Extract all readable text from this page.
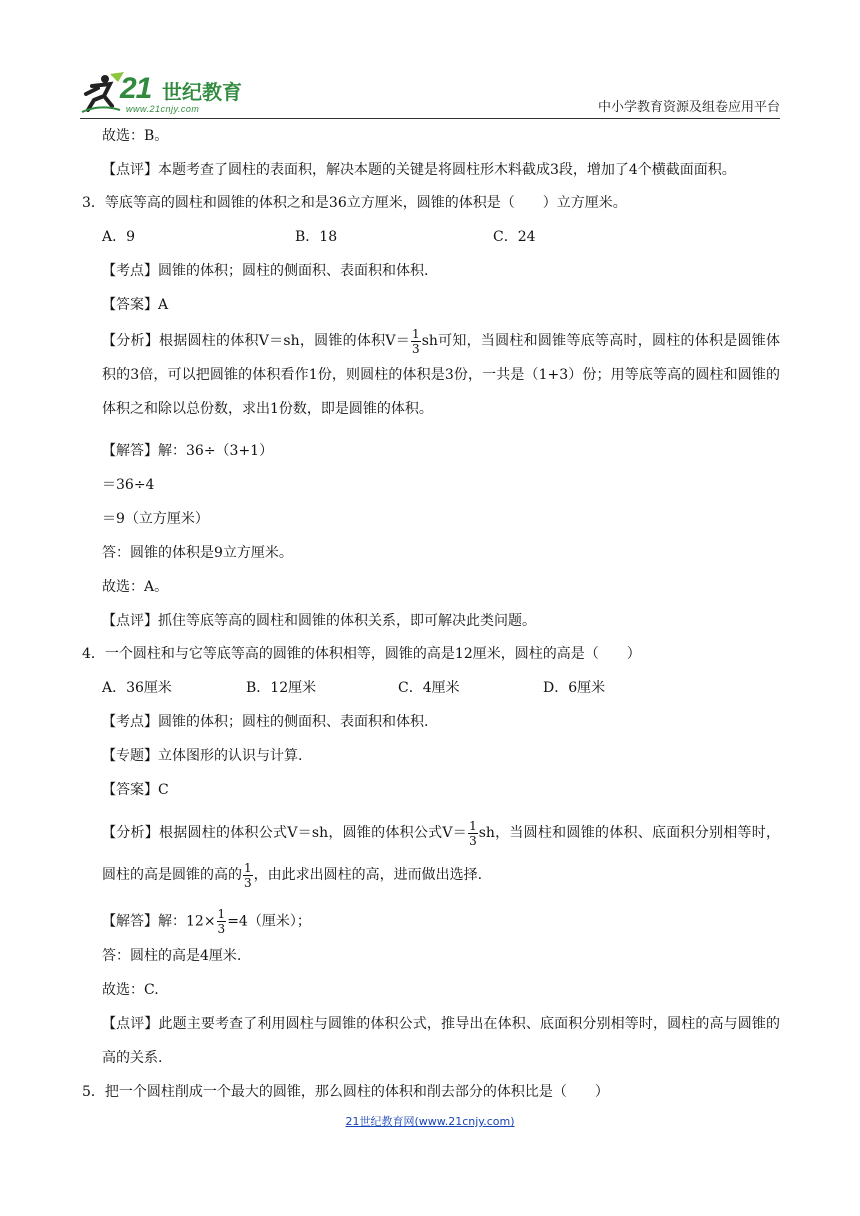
21 世纪教育
www.21cnjy.com	中小学教育资源及组卷应用平台
故选：B。
【点评】本题考查了圆柱的表面积，解决本题的关键是将圆柱形木料截成3段，增加了4个横截面面积。
3．等底等高的圆柱和圆锥的体积之和是36立方厘米，圆锥的体积是（　　）立方厘米。
A．9	B．18	C．24
【考点】圆锥的体积；圆柱的侧面积、表面积和体积.
【答案】A
【分析】根据圆柱的体积V＝sh，圆锥的体积$V= \frac{1}{3}$ sh可知，当圆柱和圆锥等底等高时，圆柱的体积是圆锥体积的3倍，可以把圆锥的体积看作1份，则圆柱的体积是3份，一共是（1+3）份；用等底等高的圆柱和圆锥的体积之和除以总份数，求出1份数，即是圆锥的体积。
【解答】解：36÷（3+1）
＝36÷4
＝9（立方厘米）
答：圆锥的体积是9立方厘米。
故选：A。
【点评】抓住等底等高的圆柱和圆锥的体积关系，即可解决此类问题。
4．一个圆柱和与它等底等高的圆锥的体积相等，圆锥的高是12厘米，圆柱的高是（　　）
A．36厘米	B．12厘米	C．4厘米	D．6厘米
【考点】圆锥的体积；圆柱的侧面积、表面积和体积.
【专题】立体图形的认识与计算.
【答案】C
【分析】根据圆柱的体积公式V＝sh，圆锥的体积公式$V= \frac{1}{3}$ sh，当圆柱和圆锥的体积、底面积分别相等时，圆柱的高是圆锥的高的 $\frac{1}{3}$ ，由此求出圆柱的高，进而做出选择.
【解答】解：$12\times \frac{1}{3} =4$（厘米）；
答：圆柱的高是4厘米.
故选：C.
【点评】此题主要考查了利用圆柱与圆锥的体积公式，推导出在体积、底面积分别相等时，圆柱的高与圆锥的高的关系.
5．把一个圆柱削成一个最大的圆锥，那么圆柱的体积和削去部分的体积比是（　　）
21世纪教育网(www.21cnjy.com)
